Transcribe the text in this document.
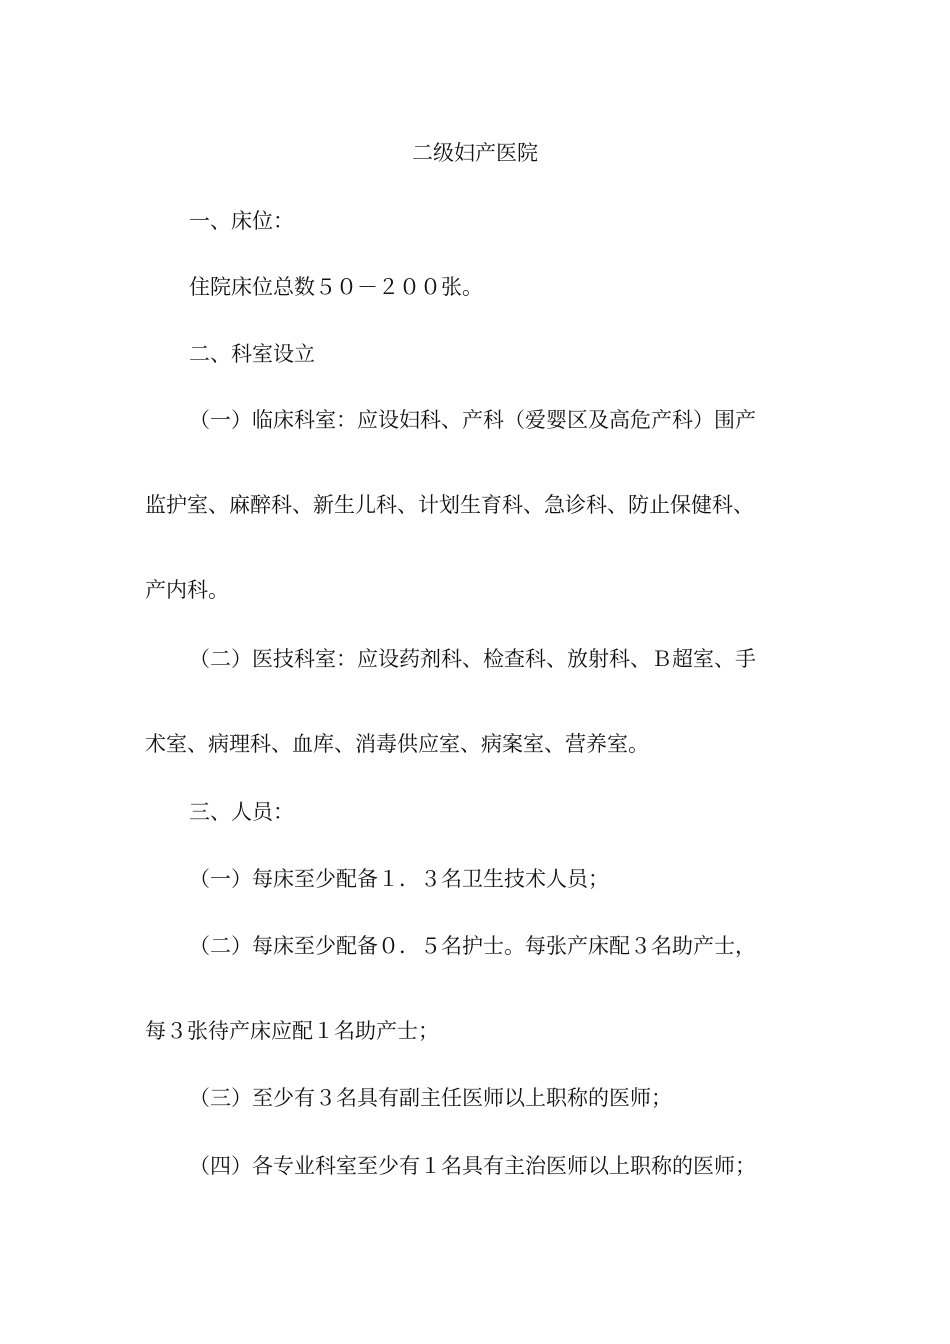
二级妇产医院
一、床位：
住院床位总数５０－２００张。
二、科室设立
（一）临床科室：应设妇科、产科（爱婴区及高危产科）围产
监护室、麻醉科、新生儿科、计划生育科、急诊科、防止保健科、
产内科。
（二）医技科室：应设药剂科、检查科、放射科、Ｂ超室、手
术室、病理科、血库、消毒供应室、病案室、营养室。
三、人员：
（一）每床至少配备１．３名卫生技术人员；
（二）每床至少配备０．５名护士。每张产床配３名助产士，
每３张待产床应配１名助产士；
（三）至少有３名具有副主任医师以上职称的医师；
（四）各专业科室至少有１名具有主治医师以上职称的医师；
